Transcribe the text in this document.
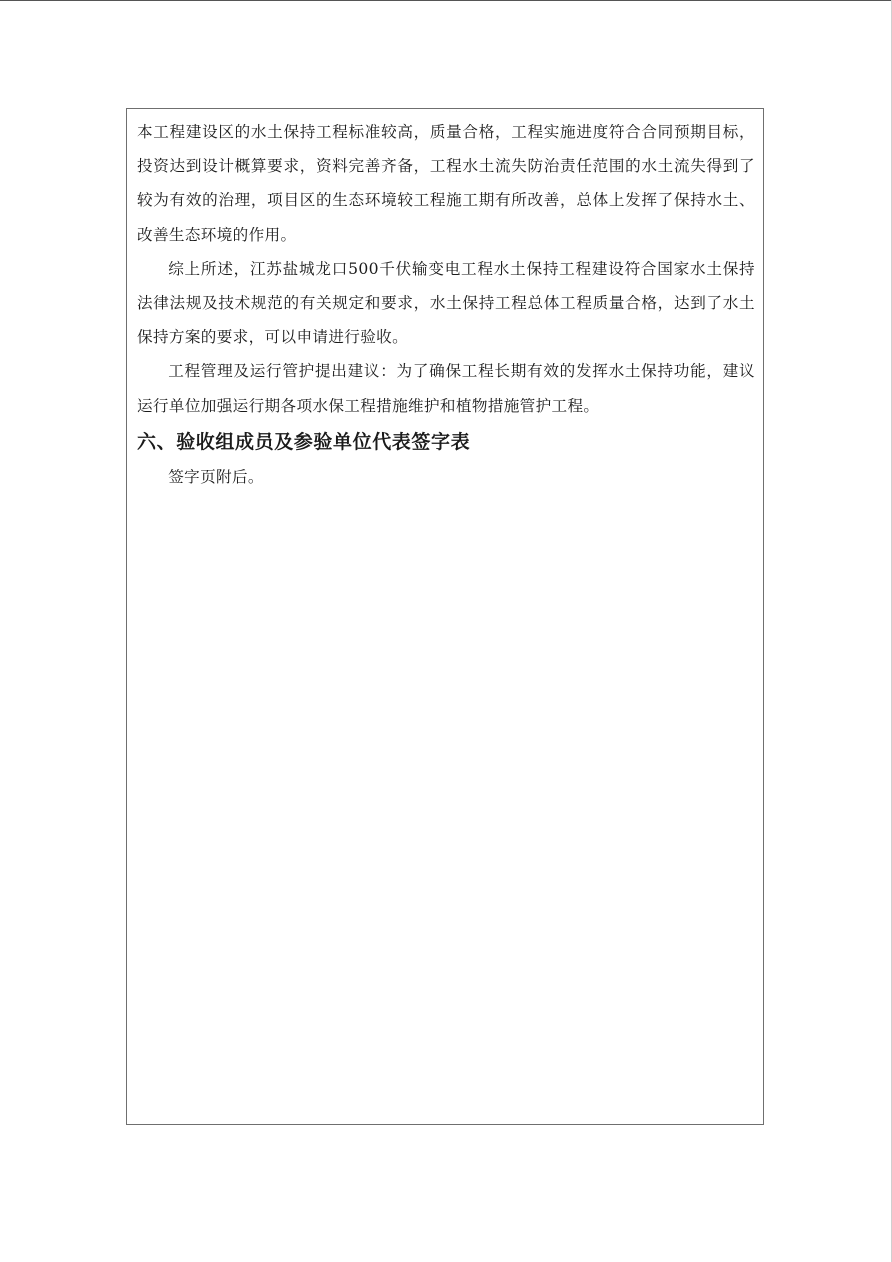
本工程建设区的水土保持工程标准较高，质量合格，工程实施进度符合合同预期目标，投资达到设计概算要求，资料完善齐备，工程水土流失防治责任范围的水土流失得到了较为有效的治理，项目区的生态环境较工程施工期有所改善，总体上发挥了保持水土、改善生态环境的作用。

综上所述，江苏盐城龙口500千伏输变电工程水土保持工程建设符合国家水土保持法律法规及技术规范的有关规定和要求，水土保持工程总体工程质量合格，达到了水土保持方案的要求，可以申请进行验收。

工程管理及运行管护提出建议：为了确保工程长期有效的发挥水土保持功能，建议运行单位加强运行期各项水保工程措施维护和植物措施管护工程。

六、验收组成员及参验单位代表签字表

签字页附后。
